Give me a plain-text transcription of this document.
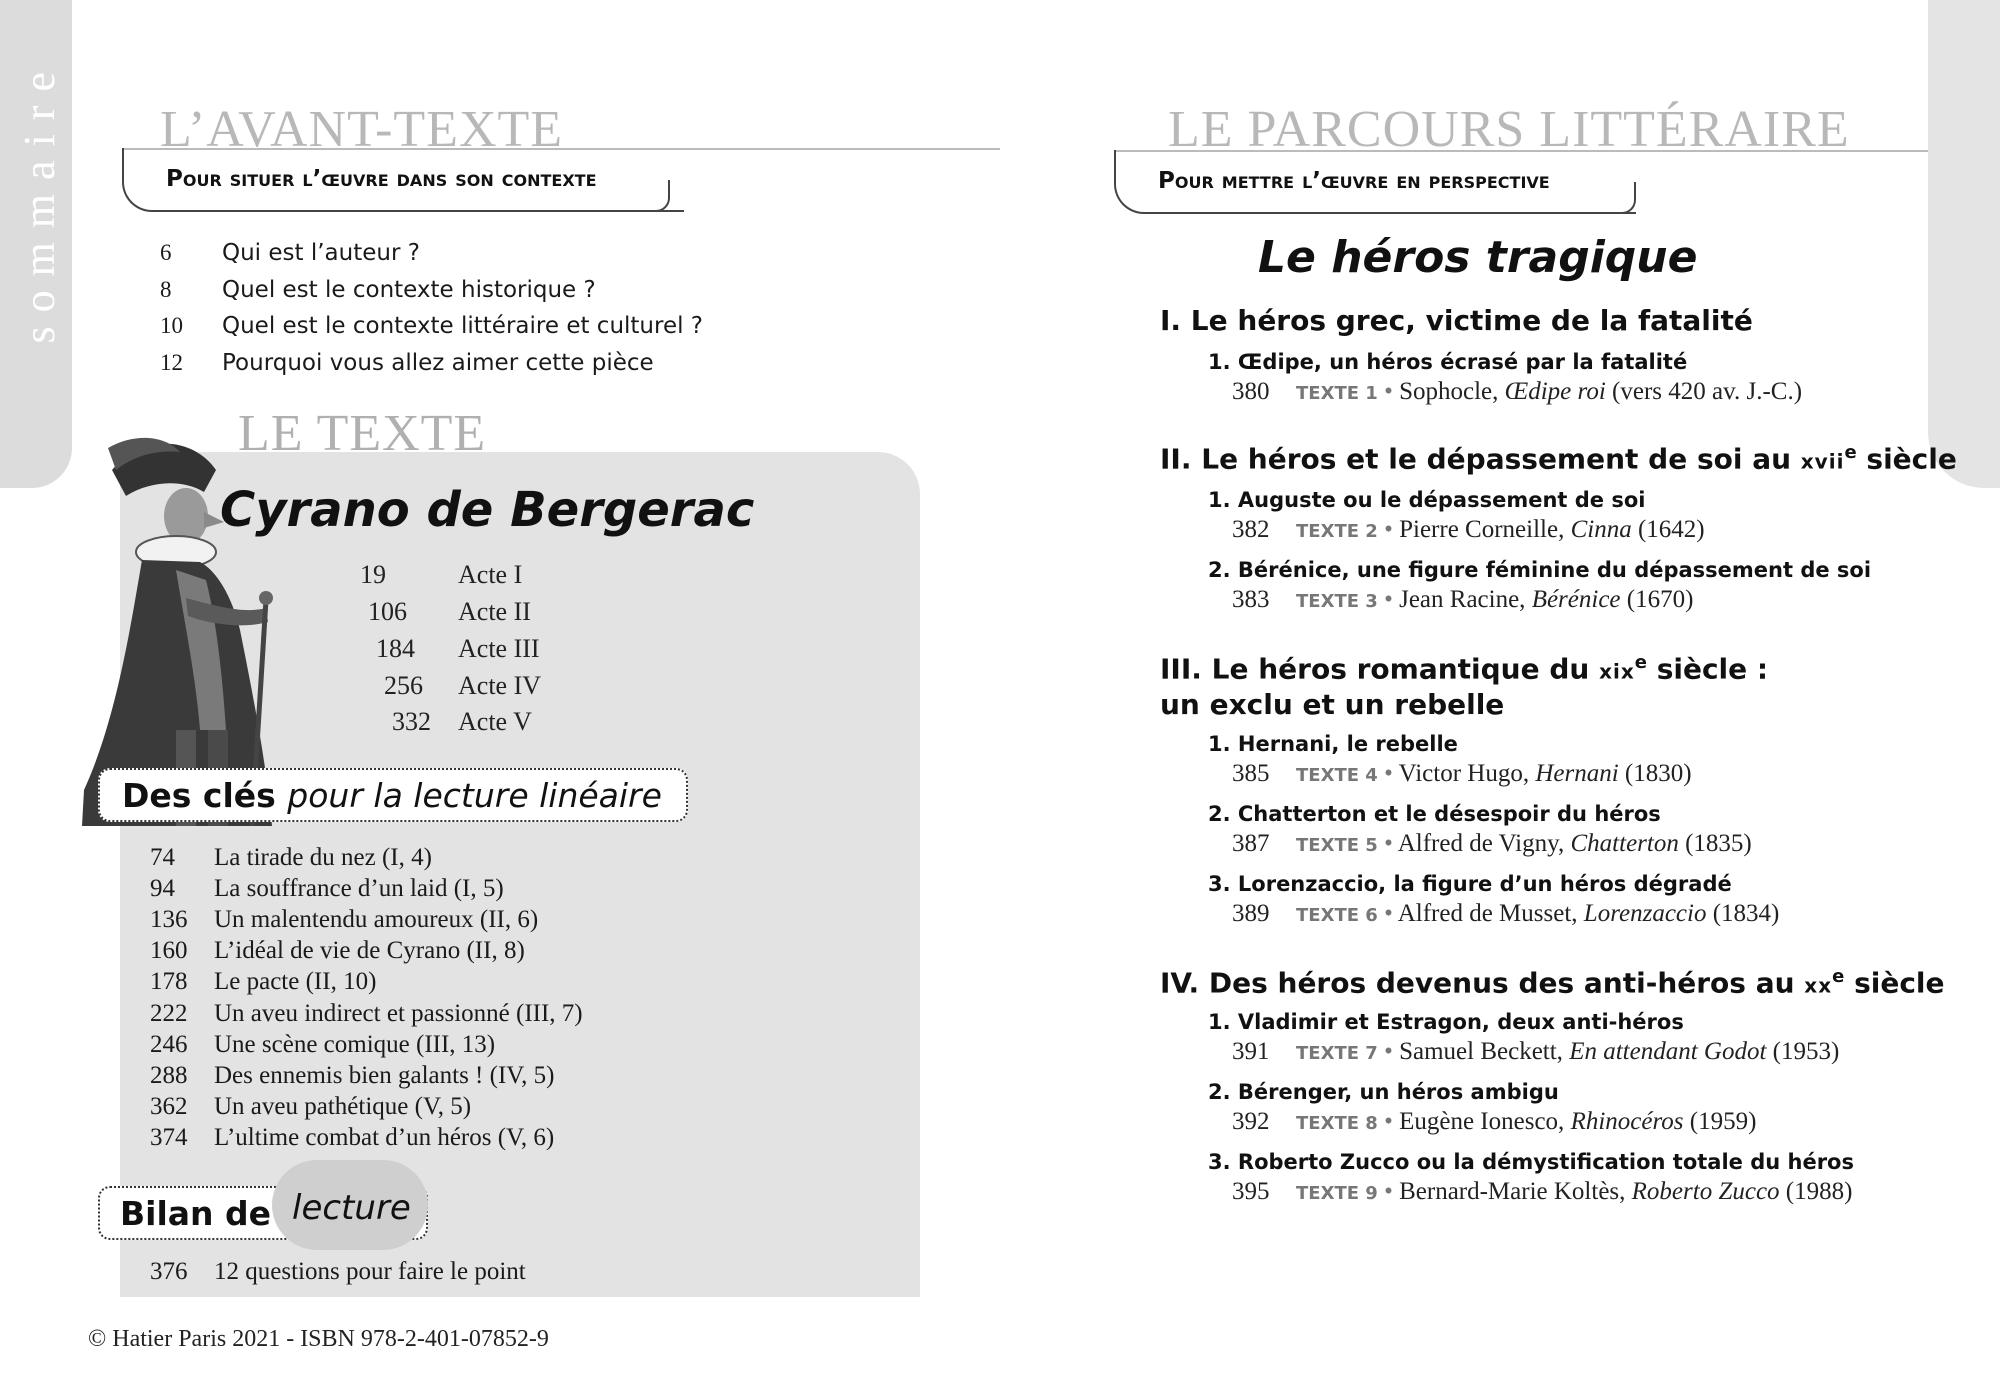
sommaire L’AVANT-TEXTE
Pour situer l’œuvre dans son contexte
6 Qui est l’auteur ?
8 Quel est le contexte historique ?
10 Quel est le contexte littéraire et culturel ?
12 Pourquoi vous allez aimer cette pièce
LE TEXTE
Cyrano de Bergerac
19	Acte I
106	Acte II
184	Acte III
256	Acte IV
332	Acte V
Des clés pour la lecture linéaire
74 La tirade du nez (I, 4)
94 La souffrance d’un laid (I, 5)
136 Un malentendu amoureux (II, 6)
160 L’idéal de vie de Cyrano (II, 8)
178 Le pacte (II, 10)
222 Un aveu indirect et passionné (III, 7)
246 Une scène comique (III, 13)
288 Des ennemis bien galants ! (IV, 5)
362 Un aveu pathétique (V, 5)
374 L’ultime combat d’un héros (V, 6)
Bilan de lecture
376 12 questions pour faire le point
© Hatier Paris 2021 - ISBN 978-2-401-07852-9
LE PARCOURS LITTÉRAIRE
Pour mettre l’œuvre en perspective
Le héros tragique
I. Le héros grec, victime de la fatalité
1. Œdipe, un héros écrasé par la fatalité
380 TEXTE 1 • Sophocle, Œdipe roi (vers 420 av. J.-C.)
II. Le héros et le dépassement de soi au xvii$^e$ siècle
1. Auguste ou le dépassement de soi
382 TEXTE 2 • Pierre Corneille, Cinna (1642)
2. Bérénice, une figure féminine du dépassement de soi
383 TEXTE 3 • Jean Racine, Bérénice (1670)
III. Le héros romantique du xix$^e$ siècle :
un exclu et un rebelle
1. Hernani, le rebelle
385 TEXTE 4 • Victor Hugo, Hernani (1830)
2. Chatterton et le désespoir du héros
387 TEXTE 5 • Alfred de Vigny, Chatterton (1835)
3. Lorenzaccio, la figure d’un héros dégradé
389 TEXTE 6 • Alfred de Musset, Lorenzaccio (1834)
IV. Des héros devenus des anti-héros au $xx^e$ siècle
1. Vladimir et Estragon, deux anti-héros
391 TEXTE 7 • Samuel Beckett, En attendant Godot (1953)
2. Bérenger, un héros ambigu
392 TEXTE 8 • Eugène Ionesco, Rhinocéros (1959)
3. Roberto Zucco ou la démystification totale du héros
395 TEXTE 9 • Bernard-Marie Koltès, Roberto Zucco (1988)
